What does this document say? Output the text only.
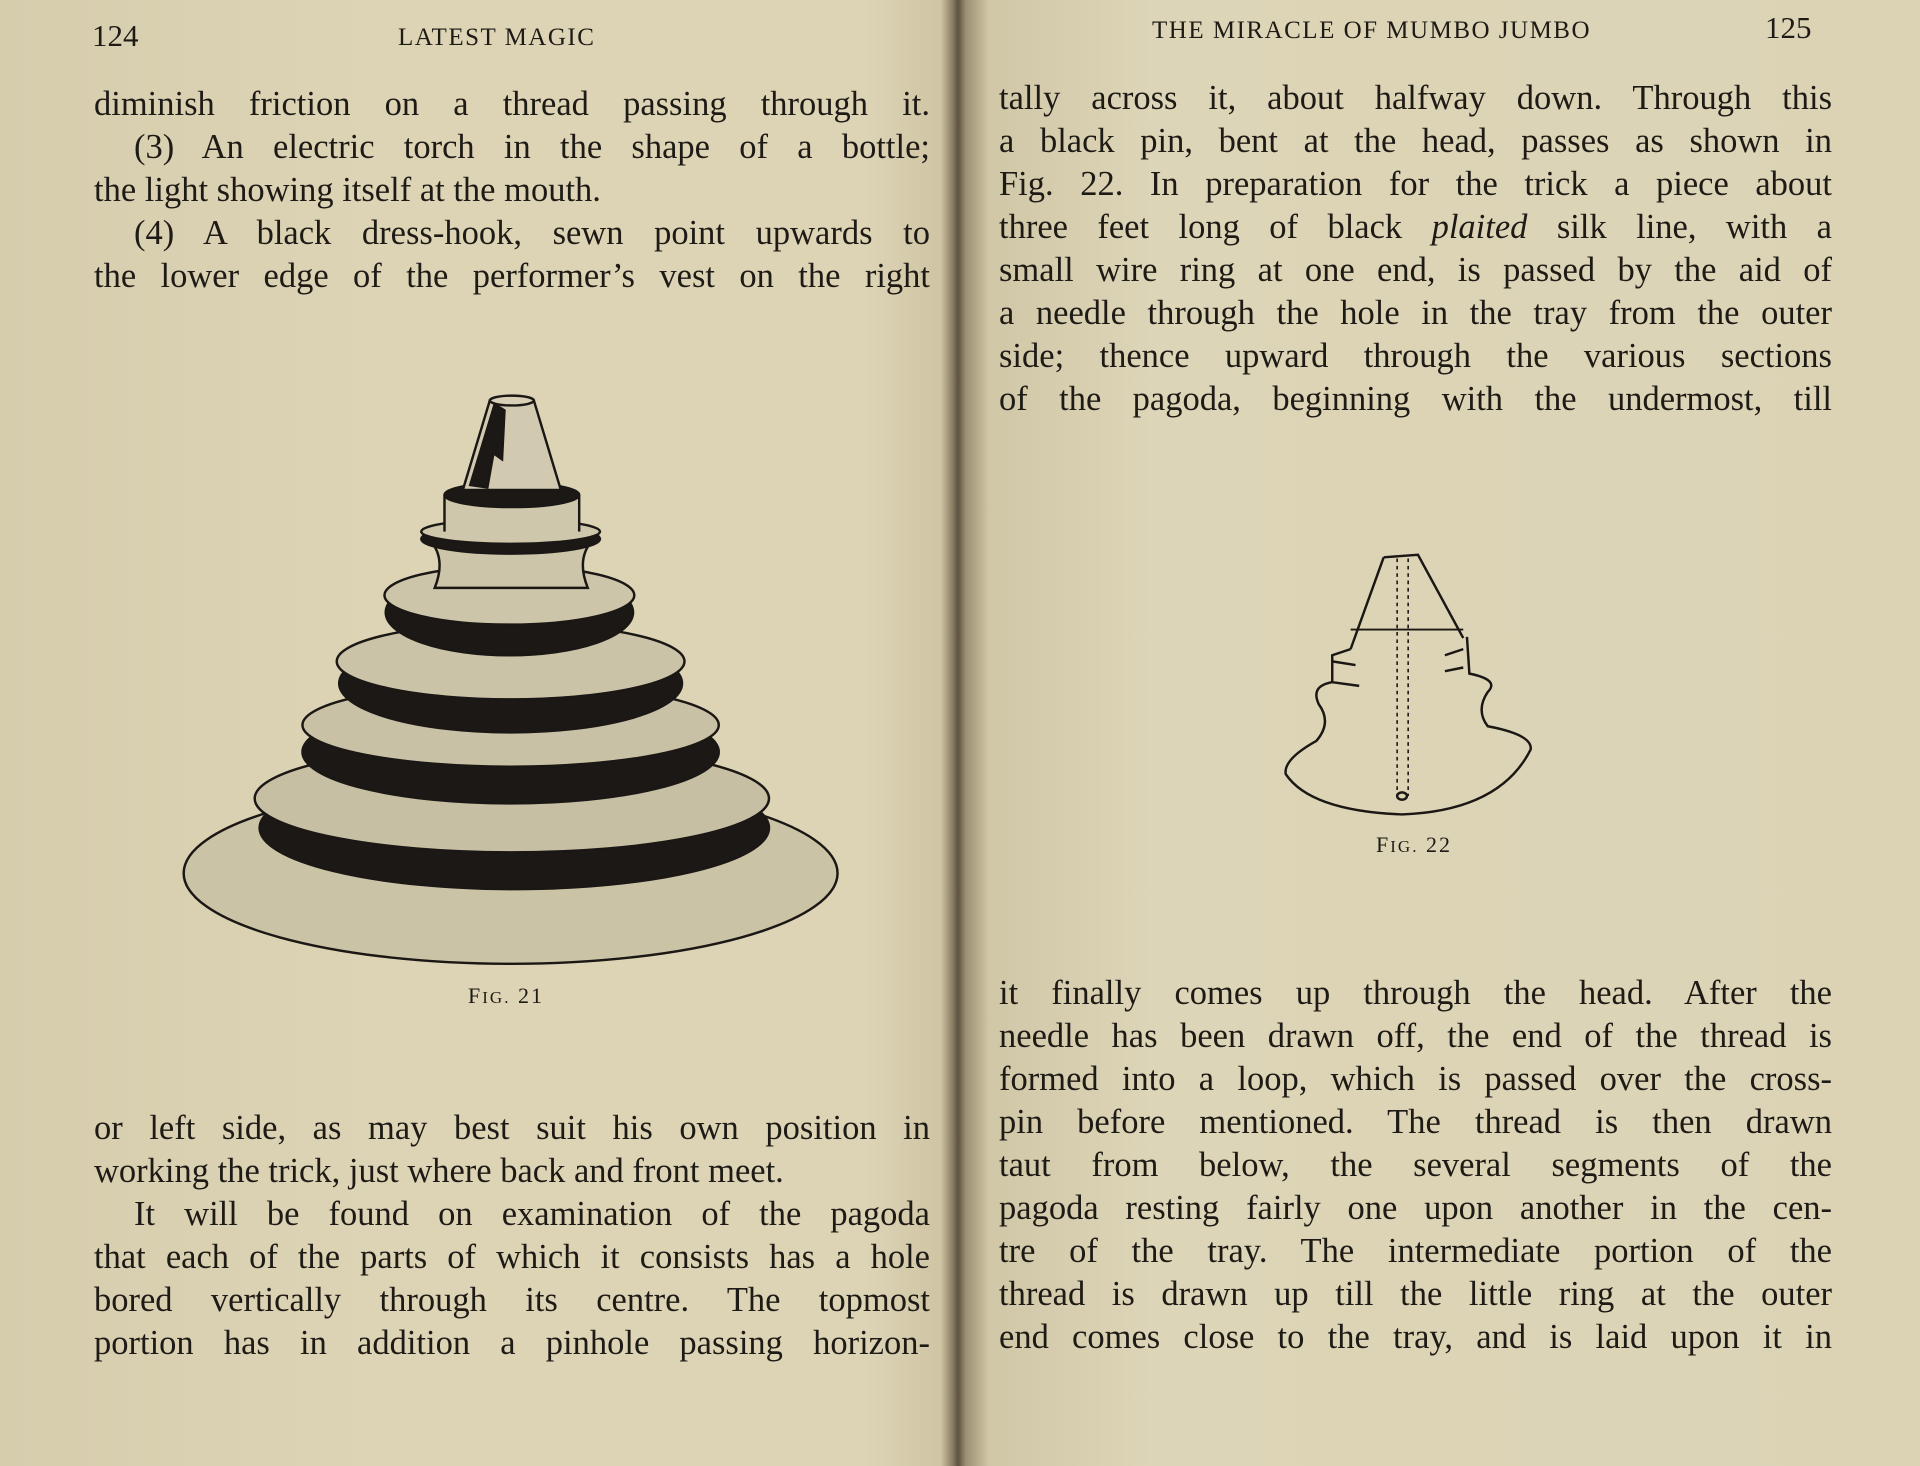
124	LATEST MAGIC	THE MIRACLE OF MUMBO JUMBO	125
diminish friction on a thread passing through it.
(3) An electric torch in the shape of a bottle;
the light showing itself at the mouth.
(4) A black dress-hook, sewn point upwards to
the lower edge of the performer’s vest on the right
or left side, as may best suit his own position in
working the trick, just where back and front meet.
It will be found on examination of the pagoda
that each of the parts of which it consists has a hole
bored vertically through its centre. The topmost
portion has in addition a pinhole passing horizon-
tally across it, about halfway down. Through this
a black pin, bent at the head, passes as shown in
Fig. 22. In preparation for the trick a piece about
three feet long of black plaited silk line, with a
small wire ring at one end, is passed by the aid of
a needle through the hole in the tray from the outer
side; thence upward through the various sections
of the pagoda, beginning with the undermost, till
it finally comes up through the head. After the
needle has been drawn off, the end of the thread is
formed into a loop, which is passed over the cross-
pin before mentioned. The thread is then drawn
taut from below, the several segments of the
pagoda resting fairly one upon another in the cen-
tre of the tray. The intermediate portion of the
thread is drawn up till the little ring at the outer
end comes close to the tray, and is laid upon it in
FIG. 21
FIG. 22
